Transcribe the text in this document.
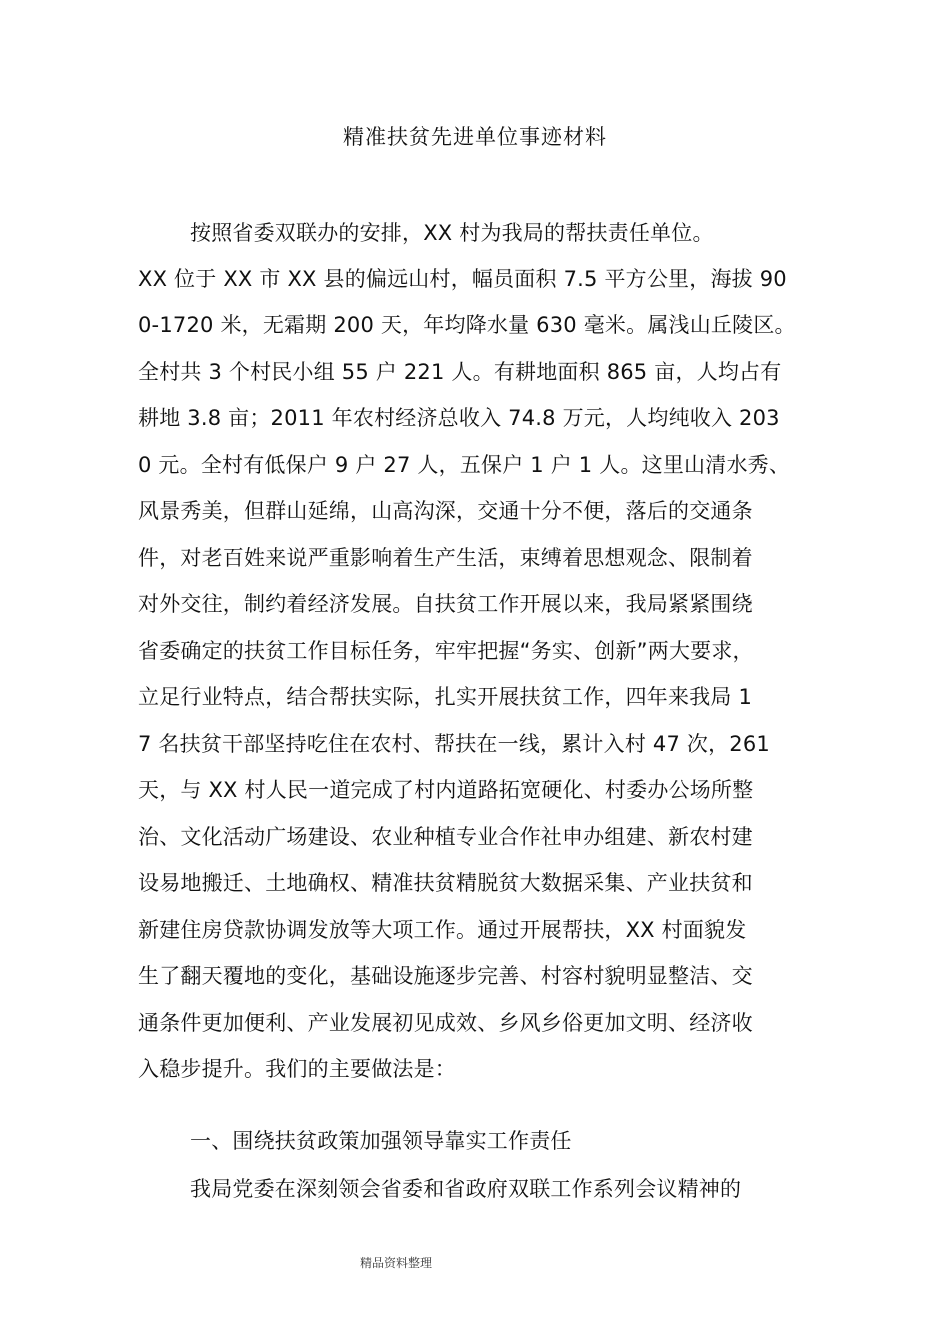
精准扶贫先进单位事迹材料
按照省委双联办的安排，XX 村为我局的帮扶责任单位。
XX 位于 XX 市 XX 县的偏远山村，幅员面积 7.5 平方公里，海拔 90
0-1720 米，无霜期 200 天，年均降水量 630 毫米。属浅山丘陵区。
全村共 3 个村民小组 55 户 221 人。有耕地面积 865 亩，人均占有
耕地 3.8 亩；2011 年农村经济总收入 74.8 万元，人均纯收入 203
0 元。全村有低保户 9 户 27 人，五保户 1 户 1 人。这里山清水秀、
风景秀美，但群山延绵，山高沟深，交通十分不便，落后的交通条
件，对老百姓来说严重影响着生产生活，束缚着思想观念、限制着
对外交往，制约着经济发展。自扶贫工作开展以来，我局紧紧围绕
省委确定的扶贫工作目标任务，牢牢把握“务实、创新”两大要求，
立足行业特点，结合帮扶实际，扎实开展扶贫工作，四年来我局 1
7 名扶贫干部坚持吃住在农村、帮扶在一线，累计入村 47 次，261
天，与 XX 村人民一道完成了村内道路拓宽硬化、村委办公场所整
治、文化活动广场建设、农业种植专业合作社申办组建、新农村建
设易地搬迁、土地确权、精准扶贫精脱贫大数据采集、产业扶贫和
新建住房贷款协调发放等大项工作。通过开展帮扶，XX 村面貌发
生了翻天覆地的变化，基础设施逐步完善、村容村貌明显整洁、交
通条件更加便利、产业发展初见成效、乡风乡俗更加文明、经济收
入稳步提升。我们的主要做法是：
一、围绕扶贫政策加强领导靠实工作责任
我局党委在深刻领会省委和省政府双联工作系列会议精神的
精品资料整理
